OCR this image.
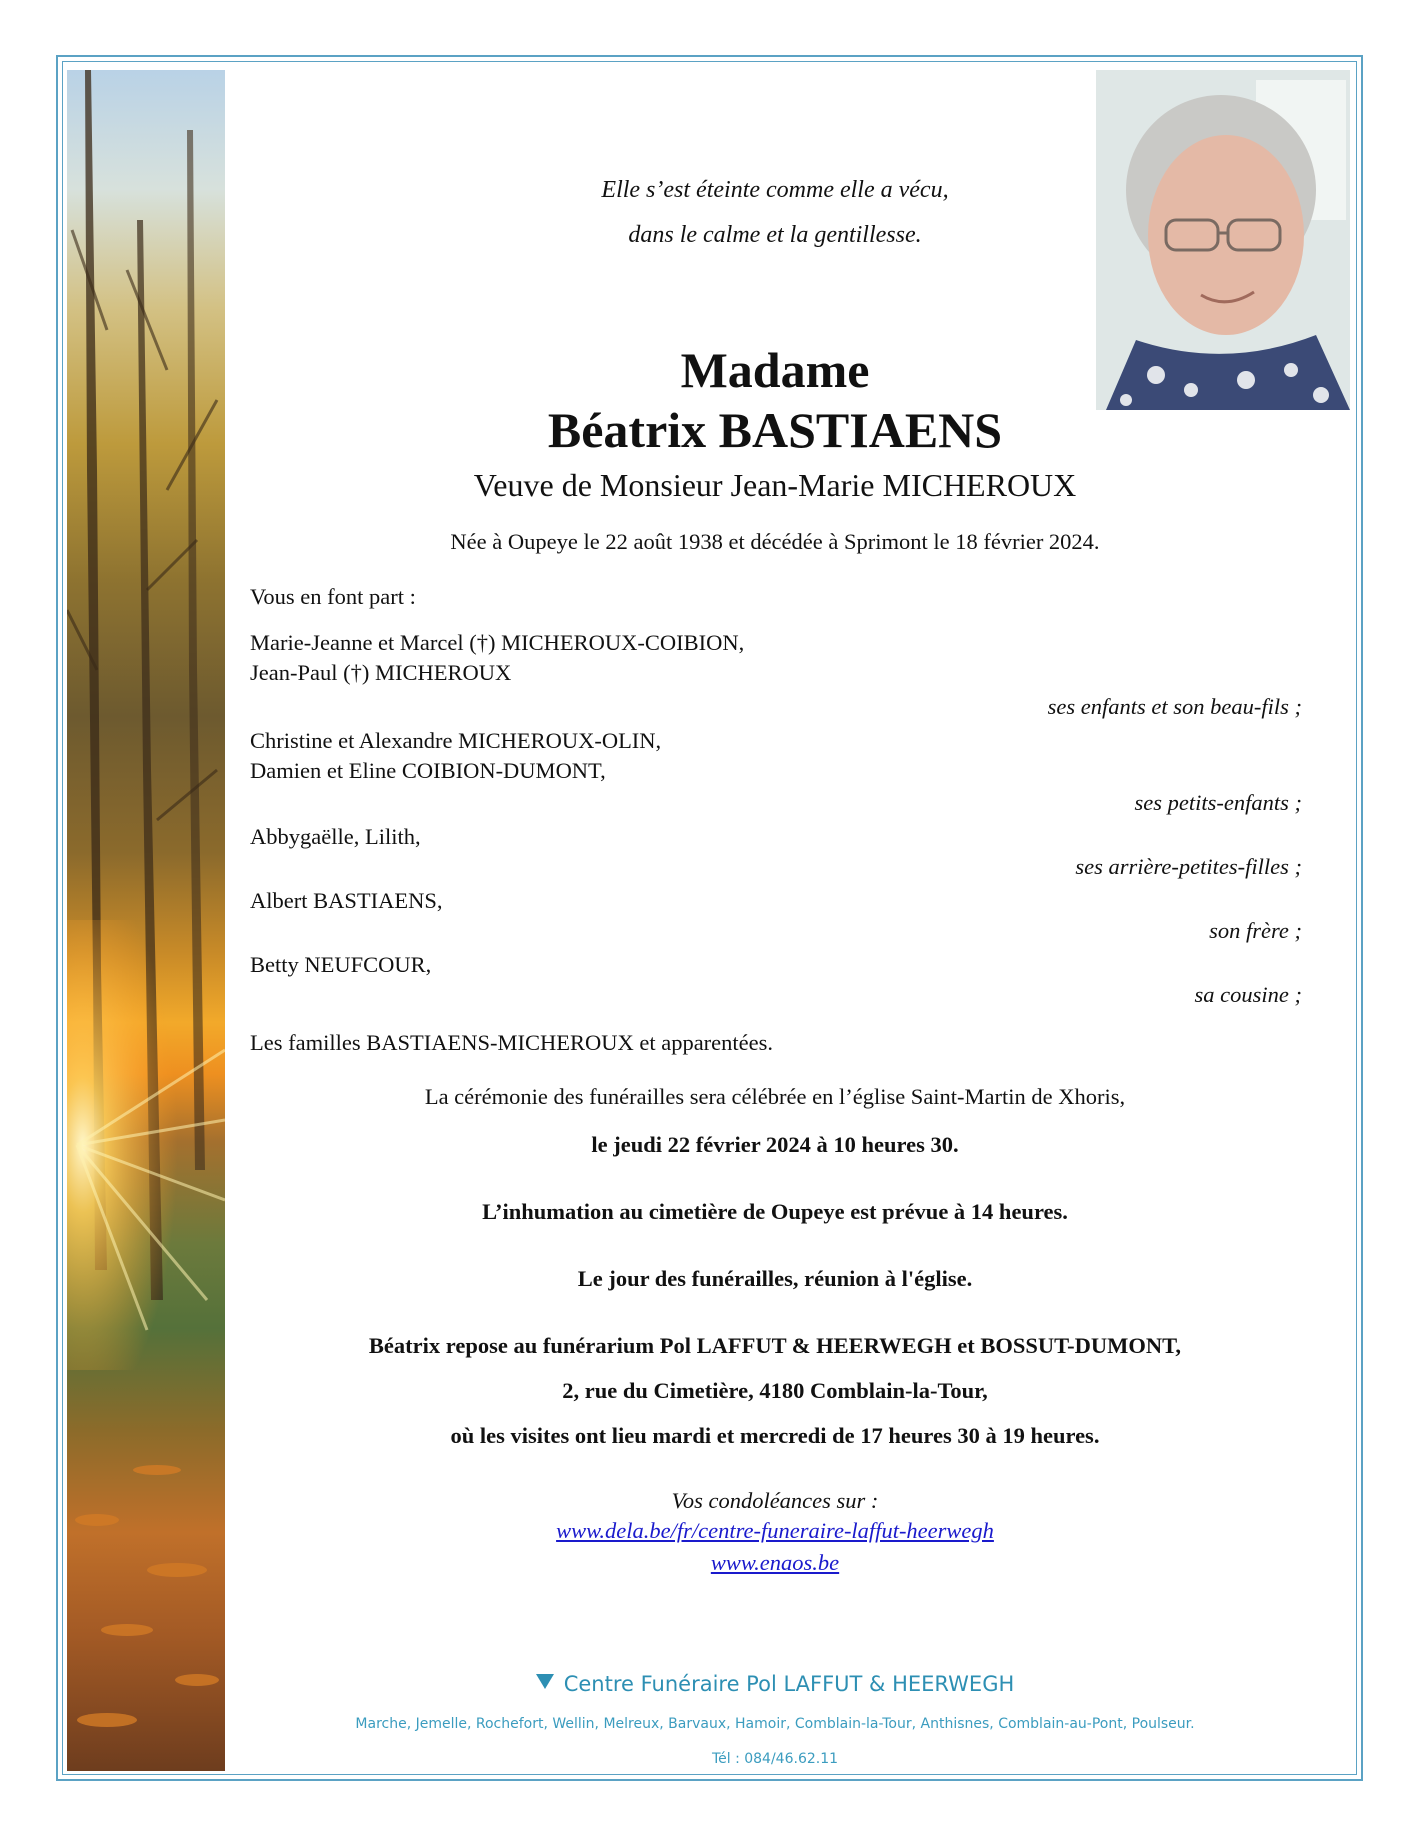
Elle s’est éteinte comme elle a vécu,
dans le calme et la gentillesse.
Madame
Béatrix BASTIAENS
Veuve de Monsieur Jean-Marie MICHEROUX
Née à Oupeye le 22 août 1938 et décédée à Sprimont le 18 février 2024.
Vous en font part :
Marie-Jeanne et Marcel (†) MICHEROUX-COIBION,
Jean-Paul (†) MICHEROUX
ses enfants et son beau-fils ;
Christine et Alexandre MICHEROUX-OLIN,
Damien et Eline COIBION-DUMONT,
ses petits-enfants ;
Abbygaëlle, Lilith,
ses arrière-petites-filles ;
Albert BASTIAENS,
son frère ;
Betty NEUFCOUR,
sa cousine ;
Les familles BASTIAENS-MICHEROUX et apparentées.
La cérémonie des funérailles sera célébrée en l’église Saint-Martin de Xhoris,
le jeudi 22 février 2024 à 10 heures 30.
L’inhumation au cimetière de Oupeye est prévue à 14 heures.
Le jour des funérailles, réunion à l'église.
Béatrix repose au funérarium Pol LAFFUT & HEERWEGH et BOSSUT-DUMONT,
2, rue du Cimetière, 4180 Comblain-la-Tour,
où les visites ont lieu mardi et mercredi de 17 heures 30 à 19 heures.
Vos condoléances sur :
www.dela.be/fr/centre-funeraire-laffut-heerwegh
www.enaos.be
Centre Funéraire Pol LAFFUT & HEERWEGH
Marche, Jemelle, Rochefort, Wellin, Melreux, Barvaux, Hamoir, Comblain-la-Tour, Anthisnes, Comblain-au-Pont, Poulseur.
Tél : 084/46.62.11
